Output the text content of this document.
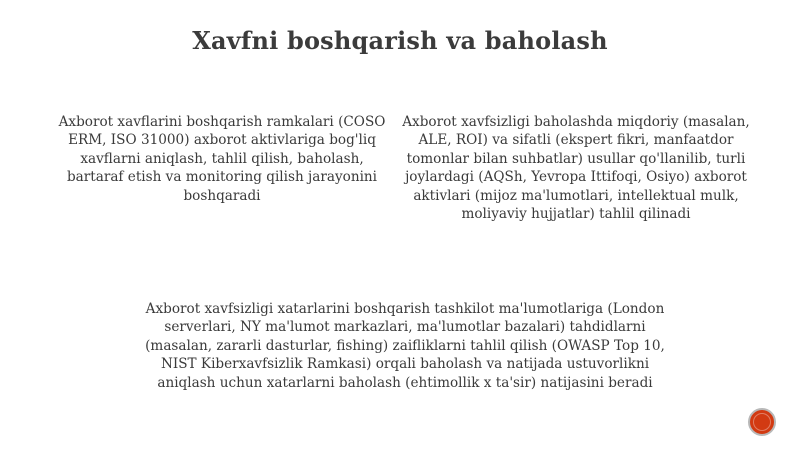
Xavfni boshqarish va baholash
Axborot xavflarini boshqarish ramkalari (COSO ERM, ISO 31000) axborot aktivlariga bog'liq xavflarni aniqlash, tahlil qilish, baholash, bartaraf etish va monitoring qilish jarayonini boshqaradi
Axborot xavfsizligi baholashda miqdoriy (masalan, ALE, ROI) va sifatli (ekspert fikri, manfaatdor tomonlar bilan suhbatlar) usullar qo'llanilib, turli joylardagi (AQSh, Yevropa Ittifoqi, Osiyo) axborot aktivlari (mijoz ma'lumotlari, intellektual mulk, moliyaviy hujjatlar) tahlil qilinadi
Axborot xavfsizligi xatarlarini boshqarish tashkilot ma'lumotlariga (London serverlari, NY ma'lumot markazlari, ma'lumotlar bazalari) tahdidlarni (masalan, zararli dasturlar, fishing) zaifliklarni tahlil qilish (OWASP Top 10, NIST Kiberxavfsizlik Ramkasi) orqali baholash va natijada ustuvorlikni aniqlash uchun xatarlarni baholash (ehtimollik x ta'sir) natijasini beradi
